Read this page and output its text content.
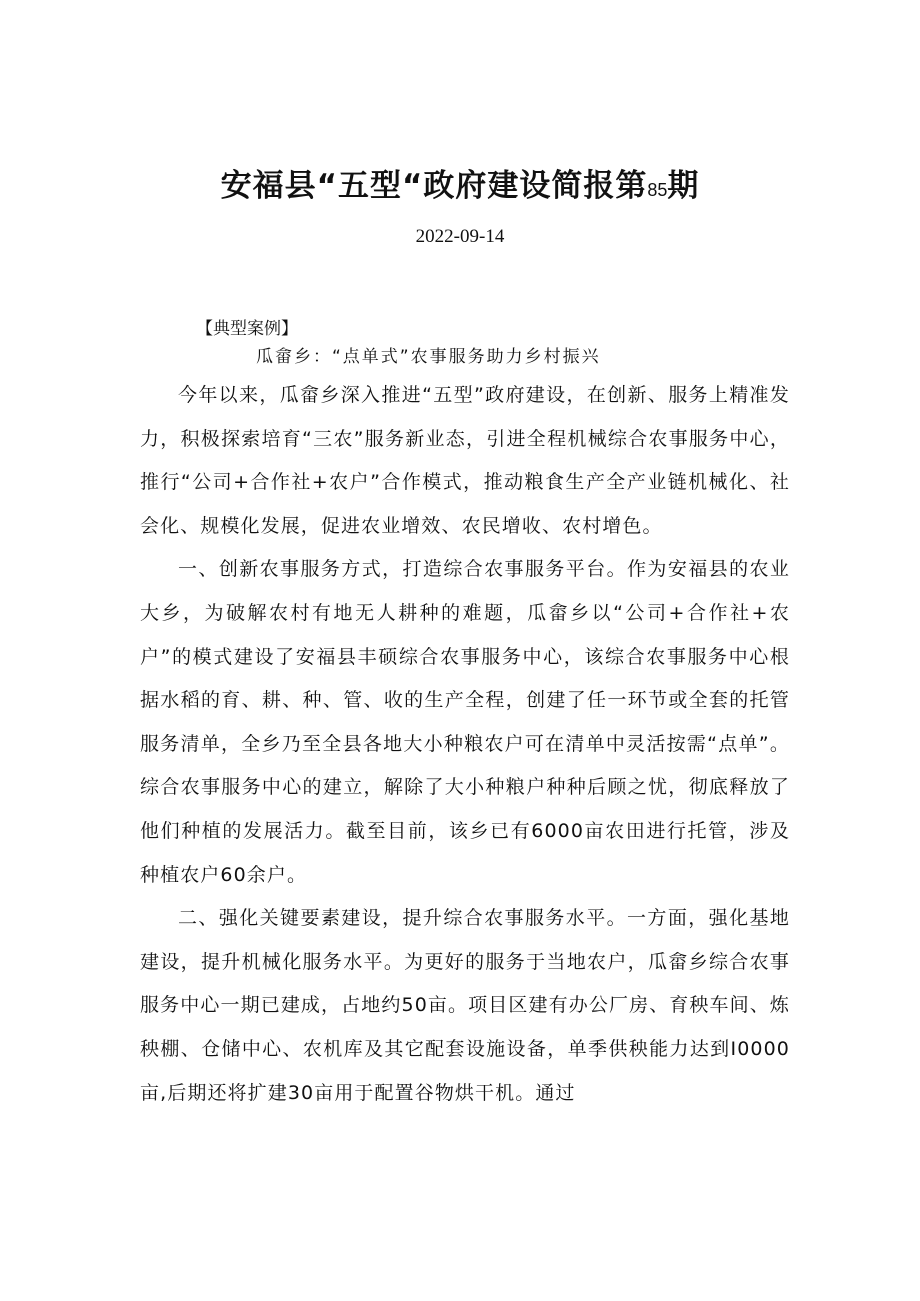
安福县“五型“政府建设简报第85期
2022-09-14
【典型案例】
瓜畲乡：“点单式”农事服务助力乡村振兴

今年以来，瓜畲乡深入推进“五型”政府建设，在创新、服务上精准发力，积极探索培育“三农”服务新业态，引进全程机械综合农事服务中心，推行“公司+合作社+农户”合作模式，推动粮食生产全产业链机械化、社会化、规模化发展，促进农业增效、农民增收、农村增色。

一、创新农事服务方式，打造综合农事服务平台。作为安福县的农业大乡，为破解农村有地无人耕种的难题，瓜畲乡以“公司+合作社+农户”的模式建设了安福县丰硕综合农事服务中心，该综合农事服务中心根据水稻的育、耕、种、管、收的生产全程，创建了任一环节或全套的托管服务清单，全乡乃至全县各地大小种粮农户可在清单中灵活按需“点单”。综合农事服务中心的建立，解除了大小种粮户种种后顾之忧，彻底释放了他们种植的发展活力。截至目前，该乡已有6000亩农田进行托管，涉及种植农户60余户。

二、强化关键要素建设，提升综合农事服务水平。一方面，强化基地建设，提升机械化服务水平。为更好的服务于当地农户，瓜畲乡综合农事服务中心一期已建成，占地约50亩。项目区建有办公厂房、育秧车间、炼秧棚、仓储中心、农机库及其它配套设施设备，单季供秧能力达到I0000亩,后期还将扩建30亩用于配置谷物烘干机。通过
